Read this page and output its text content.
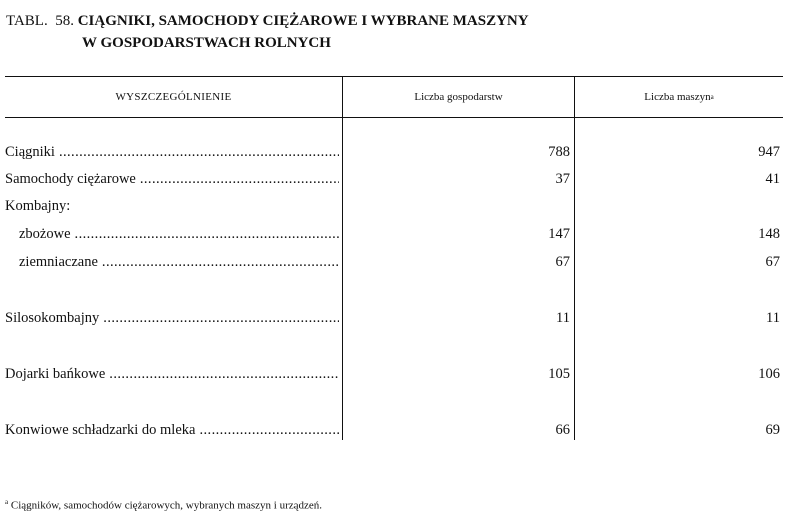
TABL. 58. CIĄGNIKI, SAMOCHODY CIĘŻAROWE I WYBRANE MASZYNY
W GOSPODARSTWACH ROLNYCH
WYSZCZEGÓLNIENIE	Liczba gospodarstw	Liczba maszyn a
Ciągniki .....	788	947
Samochody ciężarowe .....	37	41
Kombajny:
zbożowe .....	147	148
ziemniaczane .....	67	67
Silosokombajny .....	11	11
Dojarki bańkowe .....	105	106
Konwiowe schładzarki do mleka .....	66	69
$^a$ Ciągników, samochodów ciężarowych, wybranych maszyn i urządzeń.
